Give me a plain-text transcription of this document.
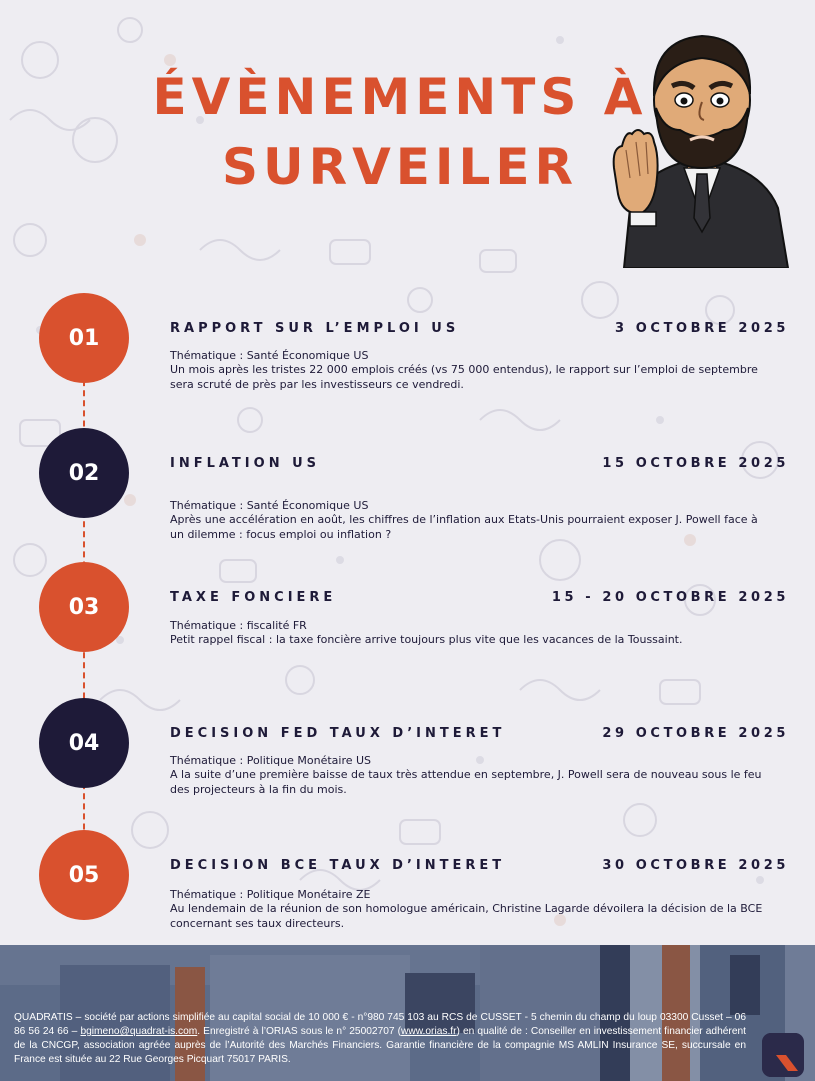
ÉVÈNEMENTS À
SURVEILER
01	RAPPORT SUR L’EMPLOI US	3 OCTOBRE 2025
Thématique : Santé Économique US
Un mois après les tristes 22 000 emplois créés (vs 75 000 entendus), le rapport sur l’emploi de septembre sera scruté de près par les investisseurs ce vendredi.
02	INFLATION US	15 OCTOBRE 2025
Thématique : Santé Économique US
Après une accélération en août, les chiffres de l’inflation aux Etats-Unis pourraient exposer J. Powell face à un dilemme : focus emploi ou inflation ?
03	TAXE FONCIERE	15 - 20 OCTOBRE 2025
Thématique : fiscalité FR
Petit rappel fiscal : la taxe foncière arrive toujours plus vite que les vacances de la Toussaint.
04	DECISION FED TAUX D’INTERET	29 OCTOBRE 2025
Thématique : Politique Monétaire US
A la suite d’une première baisse de taux très attendue en septembre, J. Powell sera de nouveau sous le feu des projecteurs à la fin du mois.
05	DECISION BCE TAUX D’INTERET	30 OCTOBRE 2025
Thématique : Politique Monétaire ZE
Au lendemain de la réunion de son homologue américain, Christine Lagarde dévoilera la décision de la BCE concernant ses taux directeurs.
QUADRATIS – société par actions simplifiée au capital social de 10 000 € - n°980 745 103 au RCS de CUSSET - 5 chemin du champ du loup 03300 Cusset – 06 86 56 24 66 – bgimeno@quadrat-is.com. Enregistré à l’ORIAS sous le n° 25002707 (www.orias.fr) en qualité de : Conseiller en investissement financier adhérent de la CNCGP, association agréée auprès de l’Autorité des Marchés Financiers. Garantie financière de la compagnie MS AMLIN Insurance SE, succursale en France est située au 22 Rue Georges Picquart 75017 PARIS.
